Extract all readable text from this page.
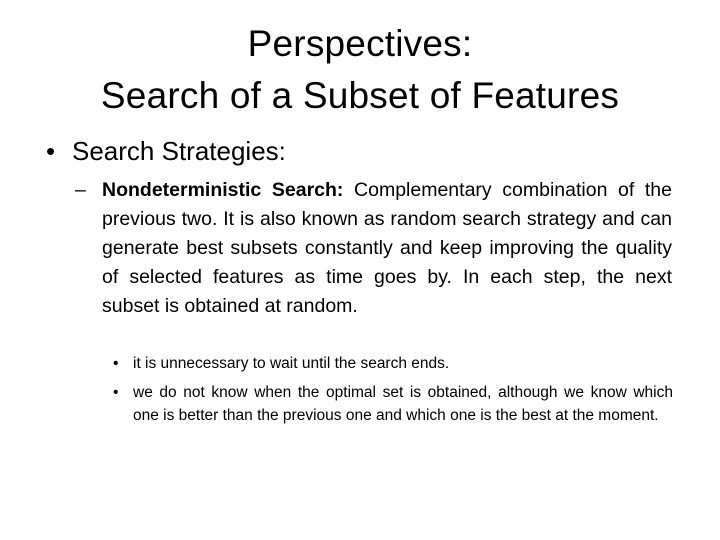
Perspectives:
Search of a Subset of Features
• Search Strategies:
– Nondeterministic Search: Complementary combination of the previous two. It is also known as random search strategy and can generate best subsets constantly and keep improving the quality of selected features as time goes by. In each step, the next subset is obtained at random.
• it is unnecessary to wait until the search ends.
• we do not know when the optimal set is obtained, although we know which one is better than the previous one and which one is the best at the moment.
